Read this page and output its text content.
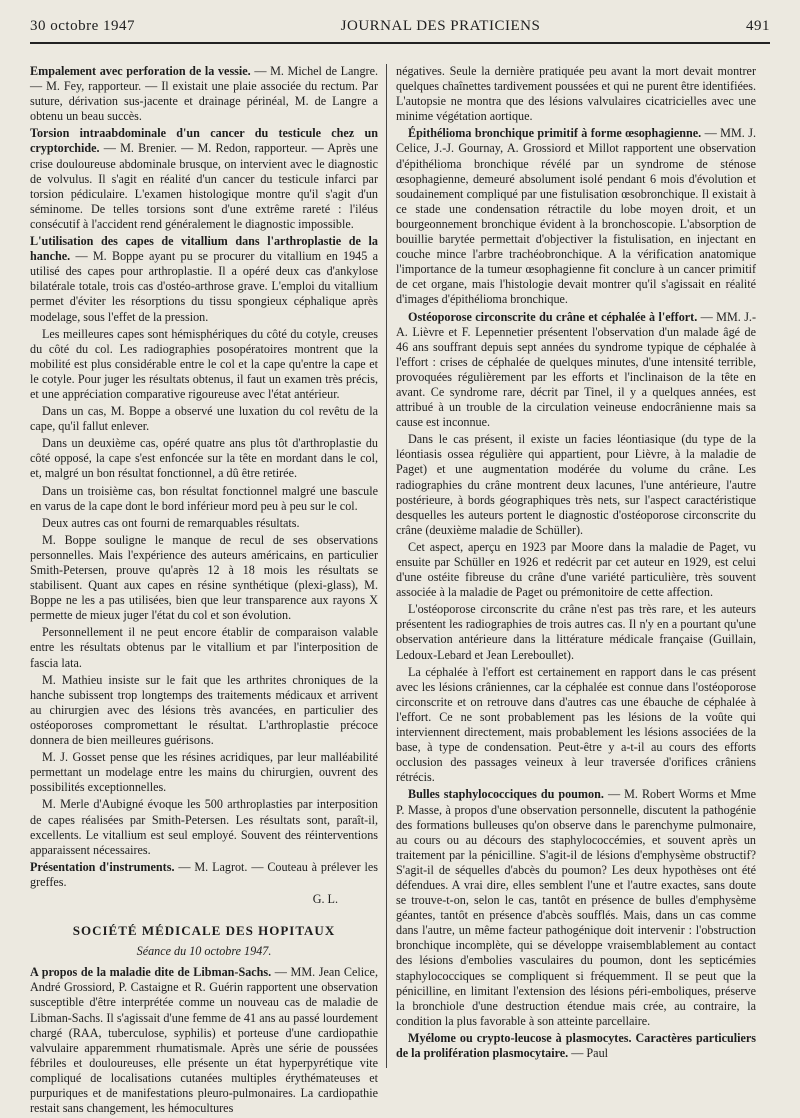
30 octobre 1947	JOURNAL DES PRATICIENS	491

Empalement avec perforation de la vessie. — M. Michel de Langre. — M. Fey, rapporteur. — Il existait une plaie associée du rectum. Par suture, dérivation sus-jacente et drainage périnéal, M. de Langre a obtenu un beau succès.

Torsion intraabdominale d'un cancer du testicule chez un cryptorchide. — M. Brenier. — M. Redon, rapporteur. — Après une crise douloureuse abdominale brusque, on intervient avec le diagnostic de volvulus. Il s'agit en réalité d'un cancer du testicule infarci par torsion pédiculaire. L'examen histologique montre qu'il s'agit d'un séminome. De telles torsions sont d'une extrême rareté : l'iléus consécutif à l'accident rend généralement le diagnostic impossible.

L'utilisation des capes de vitallium dans l'arthroplastie de la hanche. — M. Boppe ayant pu se procurer du vitallium en 1945 a utilisé des capes pour arthroplastie. Il a opéré deux cas d'ankylose bilatérale totale, trois cas d'ostéo-arthrose grave. L'emploi du vitallium permet d'éviter les résorptions du tissu spongieux céphalique après modelage, sous l'effet de la pression.

Les meilleures capes sont hémisphériques du côté du cotyle, creuses du côté du col. Les radiographies posopératoires montrent que la mobilité est plus considérable entre le col et la cape qu'entre la cape et le cotyle. Pour juger les résultats obtenus, il faut un examen très précis, et une appréciation comparative rigoureuse avec l'état antérieur.

Dans un cas, M. Boppe a observé une luxation du col revêtu de la cape, qu'il fallut enlever.

Dans un deuxième cas, opéré quatre ans plus tôt d'arthroplastie du côté opposé, la cape s'est enfoncée sur la tête en mordant dans le col, et, malgré un bon résultat fonctionnel, a dû être retirée.

Dans un troisième cas, bon résultat fonctionnel malgré une bascule en varus de la cape dont le bord inférieur mord peu à peu sur le col.

Deux autres cas ont fourni de remarquables résultats.

M. Boppe souligne le manque de recul de ses observations personnelles. Mais l'expérience des auteurs américains, en particulier Smith-Petersen, prouve qu'après 12 à 18 mois les résultats se stabilisent. Quant aux capes en résine synthétique (plexi-glass), M. Boppe ne les a pas utilisées, bien que leur transparence aux rayons X permette de mieux juger l'état du col et son évolution.

Personnellement il ne peut encore établir de comparaison valable entre les résultats obtenus par le vitallium et par l'interposition de fascia lata.

M. Mathieu insiste sur le fait que les arthrites chroniques de la hanche subissent trop longtemps des traitements médicaux et arrivent au chirurgien avec des lésions très avancées, en particulier des ostéoporoses compromettant le résultat. L'arthroplastie précoce donnera de bien meilleures guérisons.

M. J. Gosset pense que les résines acridiques, par leur malléabilité permettant un modelage entre les mains du chirurgien, ouvrent des possibilités exceptionnelles.

M. Merle d'Aubigné évoque les 500 arthroplasties par interposition de capes réalisées par Smith-Petersen. Les résultats sont, paraît-il, excellents. Le vitallium est seul employé. Souvent des réinterventions apparaissent nécessaires.

Présentation d'instruments. — M. Lagrot. — Couteau à prélever les greffes.

G. L.
SOCIÉTÉ MÉDICALE DES HOPITAUX
Séance du 10 octobre 1947.

A propos de la maladie dite de Libman-Sachs. — MM. Jean Celice, André Grossiord, P. Castaigne et R. Guérin rapportent une observation susceptible d'être interprétée comme un nouveau cas de maladie de Libman-Sachs. Il s'agissait d'une femme de 41 ans au passé lourdement chargé (RAA, tuberculose, syphilis) et porteuse d'une cardiopathie valvulaire apparemment rhumatismale. Après une série de poussées fébriles et douloureuses, elle présente un état hyperpyrétique vite compliqué de localisations cutanées multiples érythémateuses et purpuriques et de manifestations pleuro-pulmonaires. La cardiopathie restait sans changement, les hémocultures

négatives. Seule la dernière pratiquée peu avant la mort devait montrer quelques chaînettes tardivement poussées et qui ne purent être identifiées. L'autopsie ne montra que des lésions valvulaires cicatricielles avec une minime végétation aortique.

Épithélioma bronchique primitif à forme œsophagienne. — MM. J. Celice, J.-J. Gournay, A. Grossiord et Millot rapportent une observation d'épithélioma bronchique révélé par un syndrome de sténose œsophagienne, demeuré absolument isolé pendant 6 mois d'évolution et soudainement compliqué par une fistulisation œsobronchique. Il existait à ce stade une condensation rétractile du lobe moyen droit, et un bourgeonnement bronchique évident à la bronchoscopie. L'absorption de bouillie barytée permettait d'objectiver la fistulisation, en injectant en couche mince l'arbre trachéobronchique. A la vérification anatomique l'importance de la tumeur œsophagienne fit conclure à un cancer primitif de cet organe, mais l'histologie devait montrer qu'il s'agissait en réalité d'images d'épithélioma bronchique.

Ostéoporose circonscrite du crâne et céphalée à l'effort. — MM. J.-A. Lièvre et F. Lepennetier présentent l'observation d'un malade âgé de 46 ans souffrant depuis sept années du syndrome typique de céphalée à l'effort : crises de céphalée de quelques minutes, d'une intensité terrible, provoquées régulièrement par les efforts et l'inclinaison de la tête en avant. Ce syndrome rare, décrit par Tinel, il y a quelques années, est attribué à un trouble de la circulation veineuse endocrânienne mais sa cause est inconnue.

Dans le cas présent, il existe un facies léontiasique (du type de la léontiasis ossea régulière qui appartient, pour Lièvre, à la maladie de Paget) et une augmentation modérée du volume du crâne. Les radiographies du crâne montrent deux lacunes, l'une antérieure, l'autre postérieure, à bords géographiques très nets, sur l'aspect caractéristique desquelles les auteurs portent le diagnostic d'ostéoporose circonscrite du crâne (deuxième maladie de Schüller).

Cet aspect, aperçu en 1923 par Moore dans la maladie de Paget, vu ensuite par Schüller en 1926 et redécrit par cet auteur en 1929, est celui d'une ostéite fibreuse du crâne d'une variété particulière, très souvent associée à la maladie de Paget ou prémonitoire de cette affection.

L'ostéoporose circonscrite du crâne n'est pas très rare, et les auteurs présentent les radiographies de trois autres cas. Il n'y en a pourtant qu'une observation antérieure dans la littérature médicale française (Guillain, Ledoux-Lebard et Jean Lereboullet).

La céphalée à l'effort est certainement en rapport dans le cas présent avec les lésions crâniennes, car la céphalée est connue dans l'ostéoporose circonscrite et on retrouve dans d'autres cas une ébauche de céphalée à l'effort. Ce ne sont probablement pas les lésions de la voûte qui interviennent directement, mais probablement les lésions associées de la base, à type de condensation. Peut-être y a-t-il au cours des efforts occlusion des passages veineux à leur traversée d'orifices crâniens rétrécis.

Bulles staphylococciques du poumon. — M. Robert Worms et Mme P. Masse, à propos d'une observation personnelle, discutent la pathogénie des formations bulleuses qu'on observe dans le parenchyme pulmonaire, au cours ou au décours des staphylococcémies, et souvent après un traitement par la pénicilline. S'agit-il de lésions d'emphysème obstructif? S'agit-il de séquelles d'abcès du poumon? Les deux hypothèses ont été défendues. A vrai dire, elles semblent l'une et l'autre exactes, sans doute se trouve-t-on, selon le cas, tantôt en présence de bulles d'emphysème géantes, tantôt en présence d'abcès soufflés. Mais, dans un cas comme dans l'autre, un même facteur pathogénique doit intervenir : l'obstruction bronchique incomplète, qui se développe vraisemblablement au contact des lésions d'embolies vasculaires du poumon, dont les septicémies staphylococciques se compliquent si fréquemment. Il se peut que la pénicilline, en limitant l'extension des lésions péri-emboliques, préserve la bronchiole d'une destruction étendue mais crée, au contraire, la condition la plus favorable à son atteinte parcellaire.

Myélome ou crypto-leucose à plasmocytes. Caractères particuliers de la prolifération plasmocytaire. — Paul
